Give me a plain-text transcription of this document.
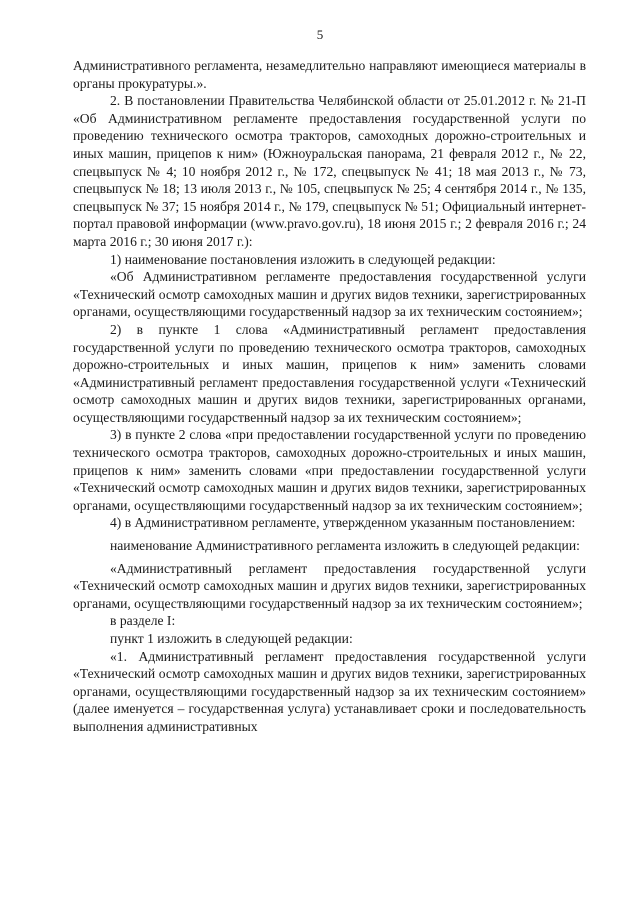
5

Административного регламента, незамедлительно направляют имеющиеся материалы в органы прокуратуры.».

2. В постановлении Правительства Челябинской области от 25.01.2012 г. № 21-П «Об Административном регламенте предоставления государственной услуги по проведению технического осмотра тракторов, самоходных дорожно-строительных и иных машин, прицепов к ним» (Южноуральская панорама, 21 февраля 2012 г., № 22, спецвыпуск № 4; 10 ноября 2012 г., № 172, спецвыпуск № 41; 18 мая 2013 г., № 73, спецвыпуск № 18; 13 июля 2013 г., № 105, спецвыпуск № 25; 4 сентября 2014 г., № 135, спецвыпуск № 37; 15 ноября 2014 г., № 179, спецвыпуск № 51; Официальный интернет-портал правовой информации (www.pravo.gov.ru), 18 июня 2015 г.; 2 февраля 2016 г.; 24 марта 2016 г.; 30 июня 2017 г.):

1) наименование постановления изложить в следующей редакции:

«Об Административном регламенте предоставления государственной услуги «Технический осмотр самоходных машин и других видов техники, зарегистрированных органами, осуществляющими государственный надзор за их техническим состоянием»;

2) в пункте 1 слова «Административный регламент предоставления государственной услуги по проведению технического осмотра тракторов, самоходных дорожно-строительных и иных машин, прицепов к ним» заменить словами «Административный регламент предоставления государственной услуги «Технический осмотр самоходных машин и других видов техники, зарегистрированных органами, осуществляющими государственный надзор за их техническим состоянием»;

3) в пункте 2 слова «при предоставлении государственной услуги по проведению технического осмотра тракторов, самоходных дорожно-строительных и иных машин, прицепов к ним» заменить словами «при предоставлении государственной услуги «Технический осмотр самоходных машин и других видов техники, зарегистрированных органами, осуществляющими государственный надзор за их техническим состоянием»;

4) в Административном регламенте, утвержденном указанным постановлением:

наименование Административного регламента изложить в следующей редакции:

«Административный регламент предоставления государственной услуги «Технический осмотр самоходных машин и других видов техники, зарегистрированных органами, осуществляющими государственный надзор за их техническим состоянием»;

в разделе I:

пункт 1 изложить в следующей редакции:

«1. Административный регламент предоставления государственной услуги «Технический осмотр самоходных машин и других видов техники, зарегистрированных органами, осуществляющими государственный надзор за их техническим состоянием» (далее именуется – государственная услуга) устанавливает сроки и последовательность выполнения административных
